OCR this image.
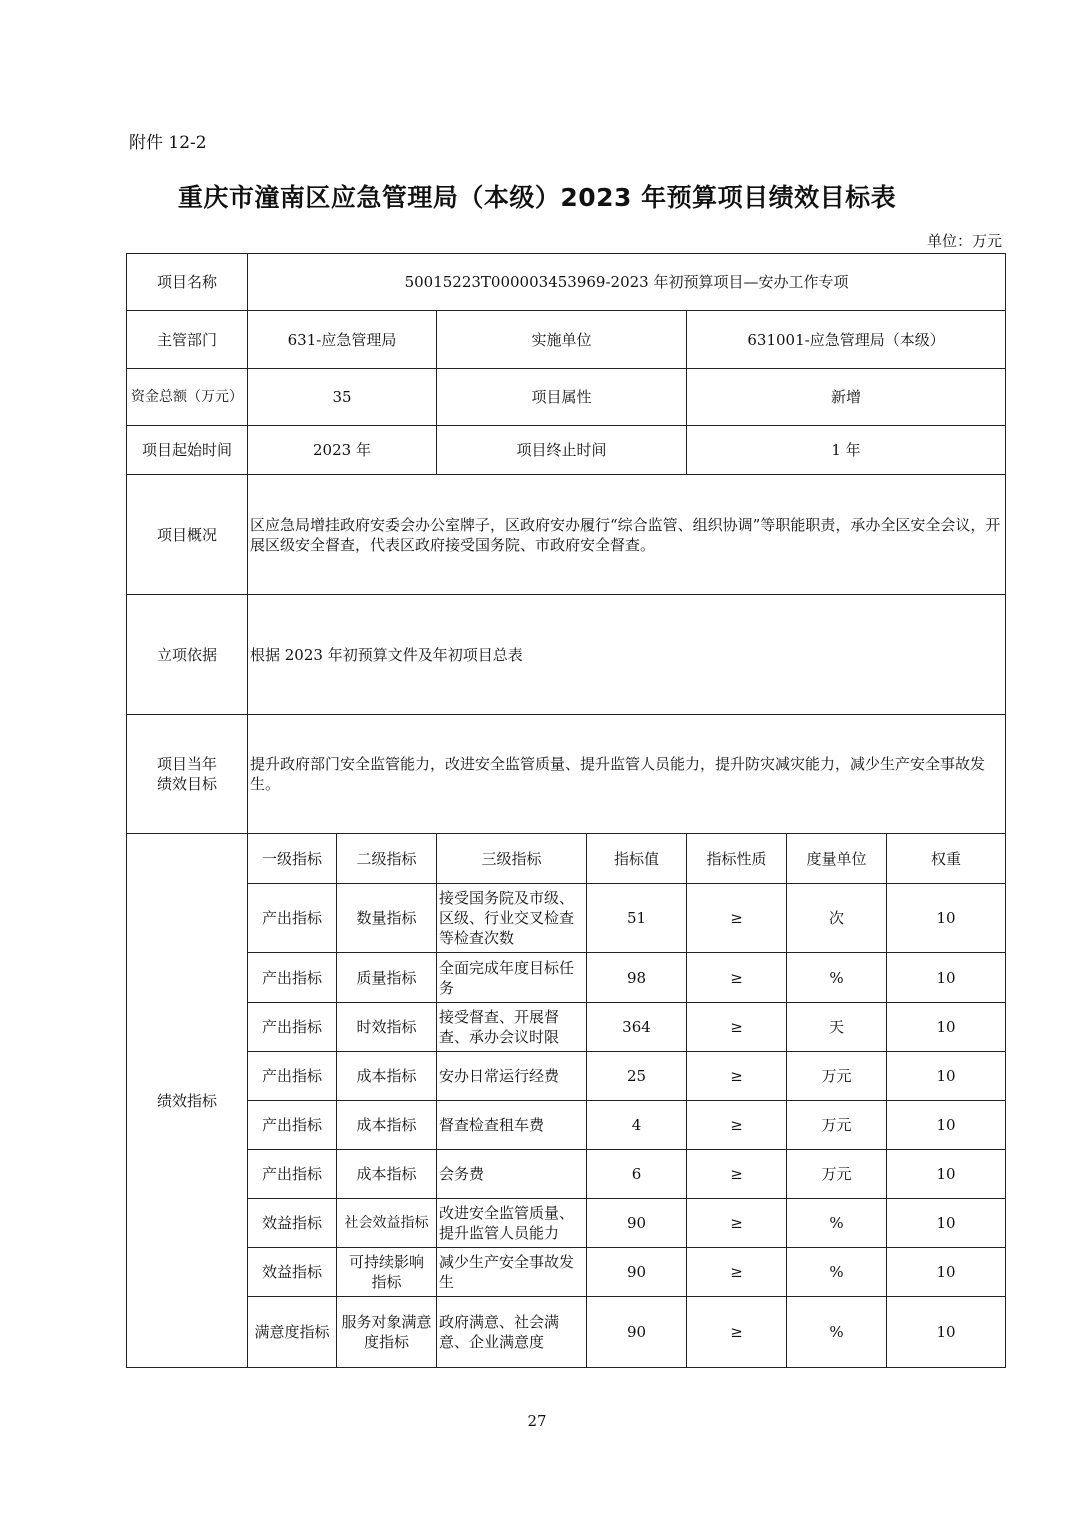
附件 12-2
重庆市潼南区应急管理局（本级）2023 年预算项目绩效目标表
单位：万元
项目名称	50015223T000003453969-2023 年初预算项目—安办工作专项						
主管部门	631-应急管理局		实施单位		631001-应急管理局（本级）		
资金总额（万元）	35		项目属性		新增		
项目起始时间	2023 年		项目终止时间		1 年		
项目概况	区应急局增挂政府安委会办公室牌子，区政府安办履行“综合监管、组织协调”等职能职责，承办全区安全会议，开展区级安全督查，代表区政府接受国务院、市政府安全督查。						
立项依据	根据 2023 年初预算文件及年初项目总表						
项目当年
绩效目标	提升政府部门安全监管能力，改进安全监管质量、提升监管人员能力，提升防灾减灾能力，减少生产安全事故发生。						
绩效指标	一级指标	二级指标	三级指标	指标值	指标性质	度量单位	权重
	产出指标	数量指标	接受国务院及市级、区级、行业交叉检查等检查次数	51	≥	次	10
	产出指标	质量指标	全面完成年度目标任务	98	≥	%	10
	产出指标	时效指标	接受督查、开展督查、承办会议时限	364	≥	天	10
	产出指标	成本指标	安办日常运行经费	25	≥	万元	10
	产出指标	成本指标	督查检查租车费	4	≥	万元	10
	产出指标	成本指标	会务费	6	≥	万元	10
	效益指标	社会效益指标	改进安全监管质量、提升监管人员能力	90	≥	%	10
	效益指标	可持续影响指标	减少生产安全事故发生	90	≥	%	10
	满意度指标	服务对象满意度指标	政府满意、社会满意、企业满意度	90	≥	%	10
27
